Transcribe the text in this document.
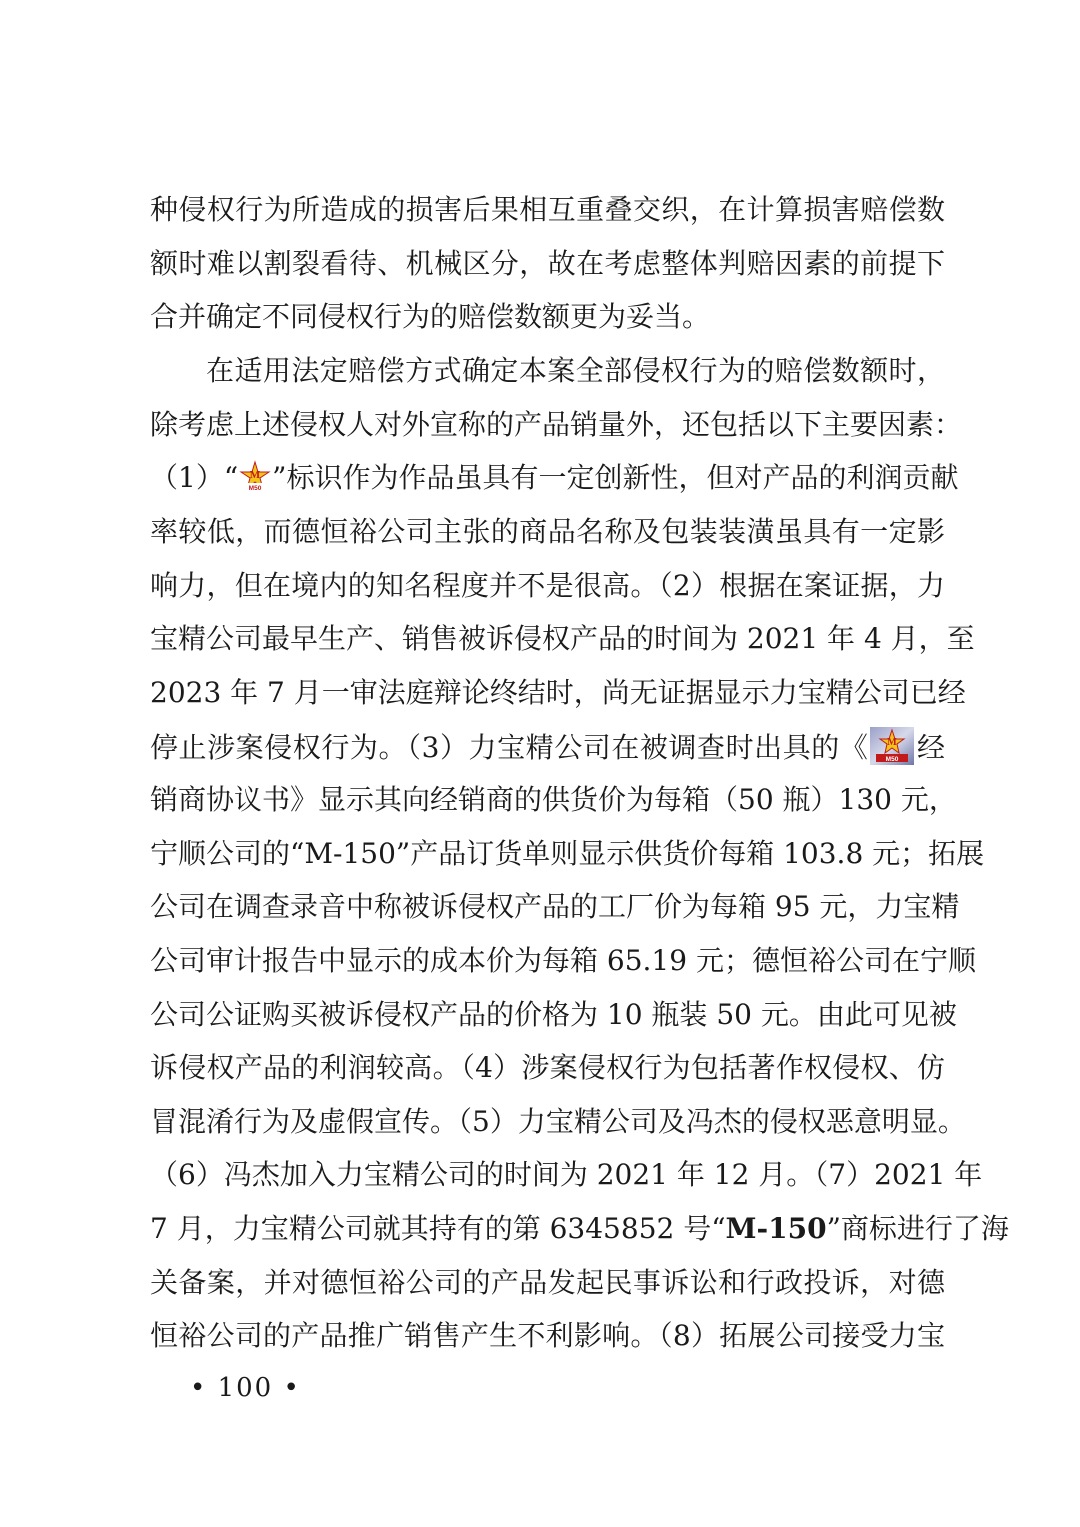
种侵权行为所造成的损害后果相互重叠交织，在计算损害赔偿数
额时难以割裂看待、机械区分，故在考虑整体判赔因素的前提下
合并确定不同侵权行为的赔偿数额更为妥当。
在适用法定赔偿方式确定本案全部侵权行为的赔偿数额时，
除考虑上述侵权人对外宣称的产品销量外，还包括以下主要因素：
（1）“ M
M50 ”标识作为作品虽具有一定创新性，但对产品的利润贡献
率较低，而德恒裕公司主张的商品名称及包装装潢虽具有一定影
响力，但在境内的知名程度并不是很高。（2）根据在案证据，力
宝精公司最早生产、销售被诉侵权产品的时间为 2021 年 4 月，至
2023 年 7 月一审法庭辩论终结时，尚无证据显示力宝精公司已经
停止涉案侵权行为。（3）力宝精公司在被调查时出具的《 M
M50 经
销商协议书》显示其向经销商的供货价为每箱（50 瓶）130 元，
宁顺公司的“M-150”产品订货单则显示供货价每箱 103.8 元；拓展
公司在调查录音中称被诉侵权产品的工厂价为每箱 95 元，力宝精
公司审计报告中显示的成本价为每箱 65.19 元；德恒裕公司在宁顺
公司公证购买被诉侵权产品的价格为 10 瓶装 50 元。由此可见被
诉侵权产品的利润较高。（4）涉案侵权行为包括著作权侵权、仿
冒混淆行为及虚假宣传。（5）力宝精公司及冯杰的侵权恶意明显。
（6）冯杰加入力宝精公司的时间为 2021 年 12 月。（7）2021 年
7 月，力宝精公司就其持有的第 6345852 号“M-150”商标进行了海
关备案，并对德恒裕公司的产品发起民事诉讼和行政投诉，对德
恒裕公司的产品推广销售产生不利影响。（8）拓展公司接受力宝
• 100 •
